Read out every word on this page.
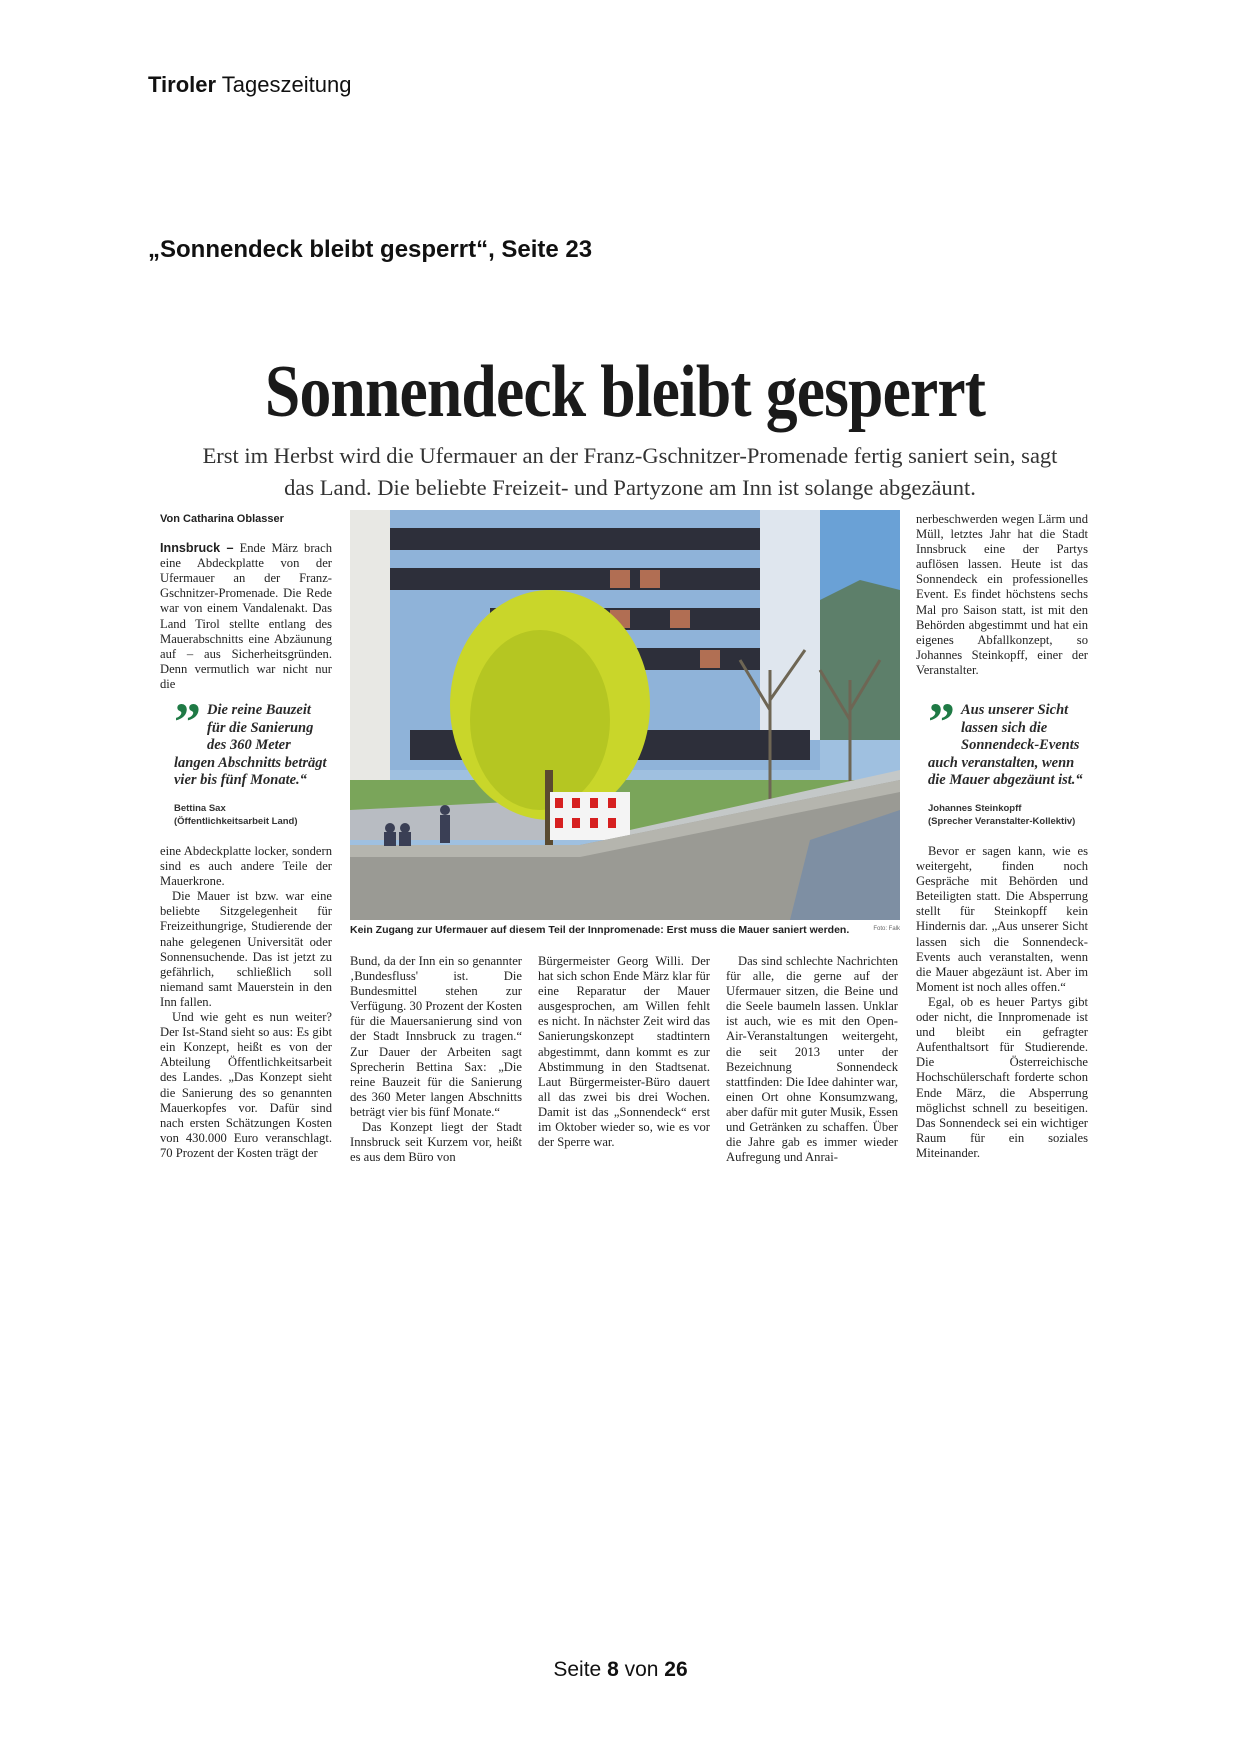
Tiroler Tageszeitung
„Sonnendeck bleibt gesperrt“, Seite 23
Sonnendeck bleibt gesperrt
Erst im Herbst wird die Ufermauer an der Franz-Gschnitzer-Promenade fertig saniert sein, sagt das Land. Die beliebte Freizeit- und Partyzone am Inn ist solange abgezäunt.

Von Catharina Oblasser

Innsbruck – Ende März brach eine Abdeckplatte von der Ufermauer an der Franz-Gschnitzer-Promenade. Die Rede war von einem Vandalenakt. Das Land Tirol stellte entlang des Mauerabschnitts eine Abzäunung auf – aus Sicherheitsgründen. Denn vermutlich war nicht nur die

” Die reine Bauzeit für die Sanierung des 360 Meter langen Abschnitts beträgt vier bis fünf Monate.“
Bettina Sax
(Öffentlichkeitsarbeit Land)

eine Abdeckplatte locker, sondern sind es auch andere Teile der Mauerkrone.

Die Mauer ist bzw. war eine beliebte Sitzgelegenheit für Freizeithungrige, Studierende der nahe gelegenen Universität oder Sonnensuchende. Das ist jetzt zu gefährlich, schließlich soll niemand samt Mauerstein in den Inn fallen.

Und wie geht es nun weiter? Der Ist-Stand sieht so aus: Es gibt ein Konzept, heißt es von der Abteilung Öffentlichkeitsarbeit des Landes. „Das Konzept sieht die Sanierung des so genannten Mauerkopfes vor. Dafür sind nach ersten Schätzungen Kosten von 430.000 Euro veranschlagt. 70 Prozent der Kosten trägt der

Kein Zugang zur Ufermauer auf diesem Teil der Innpromenade: Erst muss die Mauer saniert werden.	Foto: Falk

Bund, da der Inn ein so genannter ‚Bundesfluss' ist. Die Bundesmittel stehen zur Verfügung. 30 Prozent der Kosten für die Mauersanierung sind von der Stadt Innsbruck zu tragen.“ Zur Dauer der Arbeiten sagt Sprecherin Bettina Sax: „Die reine Bauzeit für die Sanierung des 360 Meter langen Abschnitts beträgt vier bis fünf Monate.“

Das Konzept liegt der Stadt Innsbruck seit Kurzem vor, heißt es aus dem Büro von

Bürgermeister Georg Willi. Der hat sich schon Ende März klar für eine Reparatur der Mauer ausgesprochen, am Willen fehlt es nicht. In nächster Zeit wird das Sanierungskonzept stadtintern abgestimmt, dann kommt es zur Abstimmung in den Stadtsenat. Laut Bürgermeister-Büro dauert all das zwei bis drei Wochen. Damit ist das „Sonnendeck“ erst im Oktober wieder so, wie es vor der Sperre war.

Das sind schlechte Nachrichten für alle, die gerne auf der Ufermauer sitzen, die Beine und die Seele baumeln lassen. Unklar ist auch, wie es mit den Open-Air-Veranstaltungen weitergeht, die seit 2013 unter der Bezeichnung Sonnendeck stattfinden: Die Idee dahinter war, einen Ort ohne Konsumzwang, aber dafür mit guter Musik, Essen und Getränken zu schaffen. Über die Jahre gab es immer wieder Aufregung und Anrai-

nerbeschwerden wegen Lärm und Müll, letztes Jahr hat die Stadt Innsbruck eine der Partys auflösen lassen. Heute ist das Sonnendeck ein professionelles Event. Es findet höchstens sechs Mal pro Saison statt, ist mit den Behörden abgestimmt und hat ein eigenes Abfallkonzept, so Johannes Steinkopff, einer der Veranstalter.

” Aus unserer Sicht lassen sich die Sonnendeck-Events auch veranstalten, wenn die Mauer abgezäunt ist.“
Johannes Steinkopff
(Sprecher Veranstalter-Kollektiv)

Bevor er sagen kann, wie es weitergeht, finden noch Gespräche mit Behörden und Beteiligten statt. Die Absperrung stellt für Steinkopff kein Hindernis dar. „Aus unserer Sicht lassen sich die Sonnendeck-Events auch veranstalten, wenn die Mauer abgezäunt ist. Aber im Moment ist noch alles offen.“

Egal, ob es heuer Partys gibt oder nicht, die Innpromenade ist und bleibt ein gefragter Aufenthaltsort für Studierende. Die Österreichische Hochschülerschaft forderte schon Ende März, die Absperrung möglichst schnell zu beseitigen. Das Sonnendeck sei ein wichtiger Raum für ein soziales Miteinander.

Seite 8 von 26
